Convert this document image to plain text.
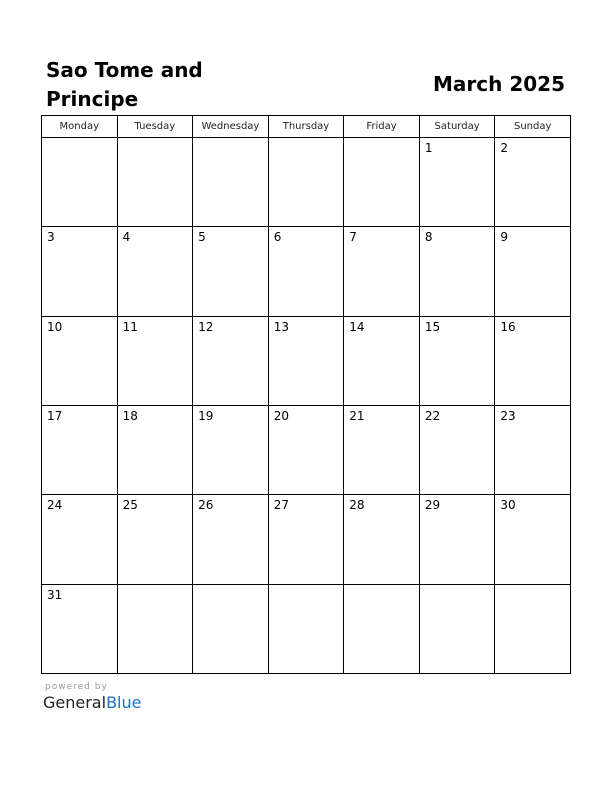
Sao Tome and Principe
March 2025
Monday	Tuesday	Wednesday	Thursday	Friday	Saturday	Sunday

					1	2

3	4	5	6	7	8	9

10	11	12	13	14	15	16

17	18	19	20	21	22	23

24	25	26	27	28	29	30

31						

powered by
GeneralBlue
